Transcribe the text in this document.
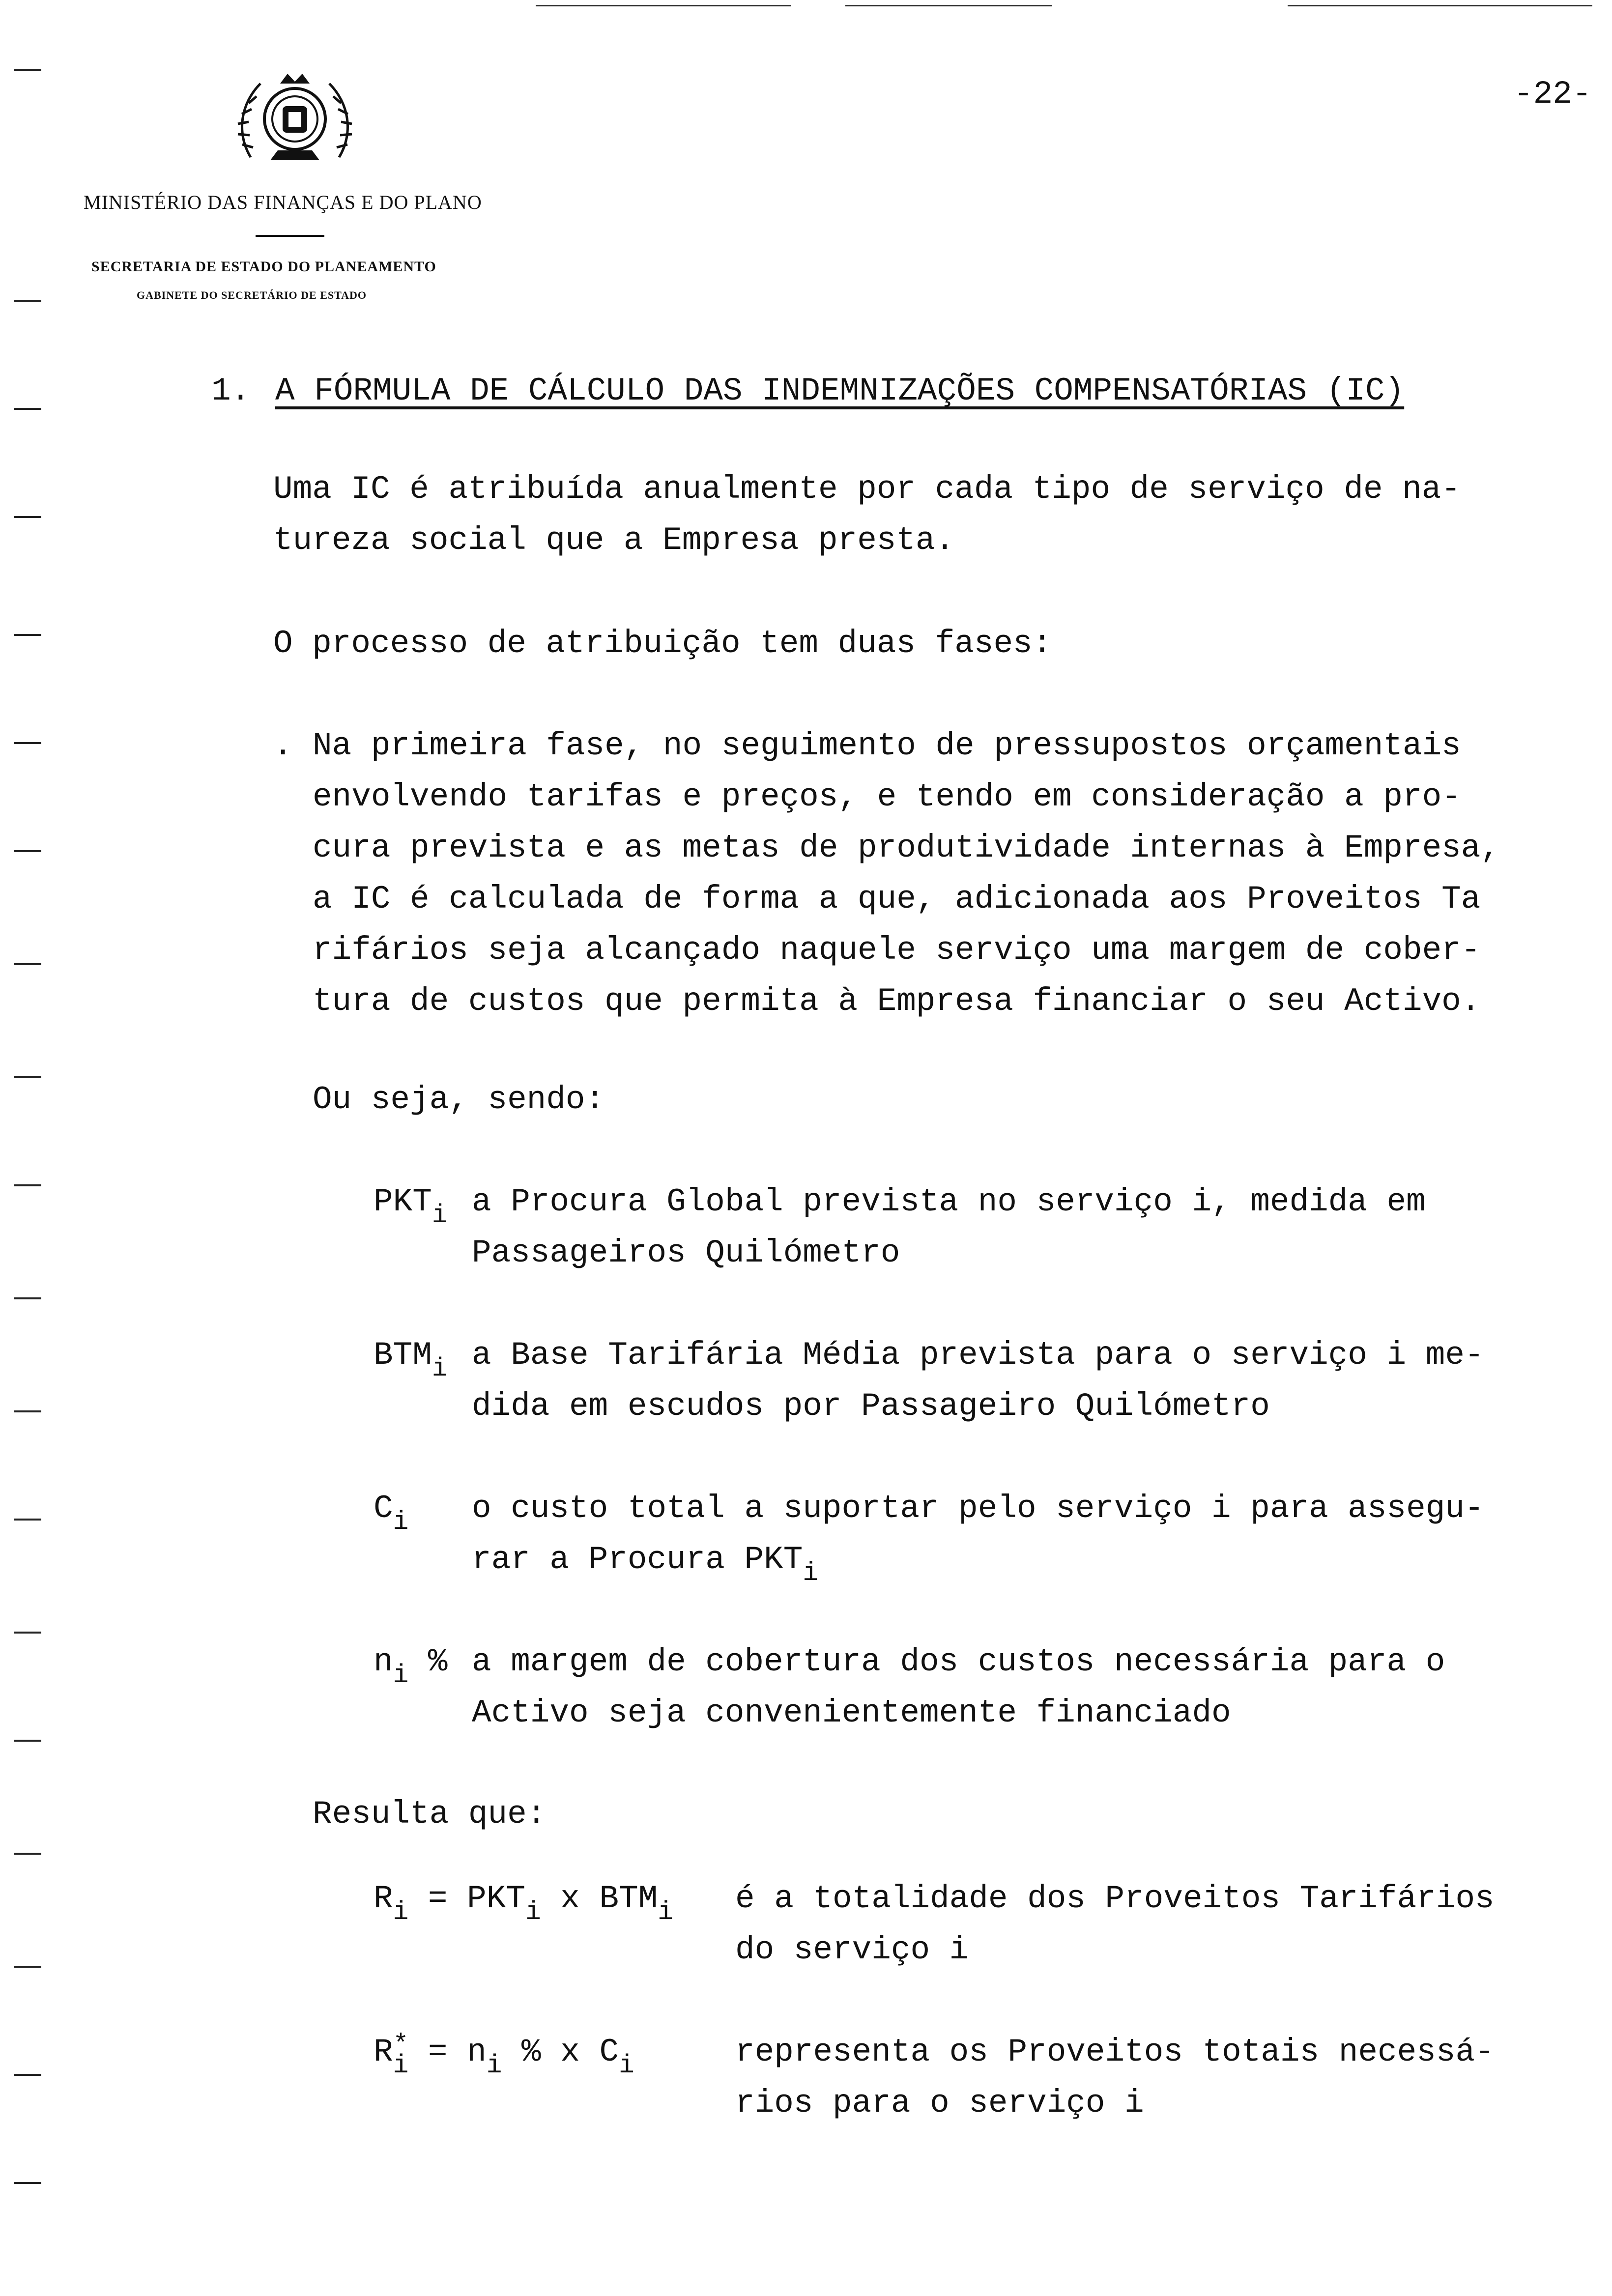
-22-
MINISTÉRIO DAS FINANÇAS E DO PLANO
SECRETARIA DE ESTADO DO PLANEAMENTO
GABINETE DO SECRETÁRIO DE ESTADO
1. A FÓRMULA DE CÁLCULO DAS INDEMNIZAÇÕES COMPENSATÓRIAS (IC)
Uma IC é atribuída anualmente por cada tipo de serviço de na-
tureza social que a Empresa presta.
O processo de atribuição tem duas fases:
. Na primeira fase, no seguimento de pressupostos orçamentais
envolvendo tarifas e preços, e tendo em consideração a pro-
cura prevista e as metas de produtividade internas à Empresa,
a IC é calculada de forma a que, adicionada aos Proveitos Ta
rifários seja alcançado naquele serviço uma margem de cober-
tura de custos que permita à Empresa financiar o seu Activo.
Ou seja, sendo:
$PKT_i$ a Procura Global prevista no serviço i, medida em
Passageiros Quilómetro
$BTM_i$ a Base Tarifária Média prevista para o serviço i me-
dida em escudos por Passageiro Quilómetro
$C_i$ o custo total a suportar pelo serviço i para assegu-
rar a Procura $PKT_i$
$n_i$ % a margem de cobertura dos custos necessária para o
Activo seja convenientemente financiado
Resulta que:
$R_i = PKT_i$ x $BTM_i$ é a totalidade dos Proveitos Tarifários
do serviço i
$R^*_i = n_i$ % x $C_i$	representa os Proveitos totais necessá-
rios para o serviço i
